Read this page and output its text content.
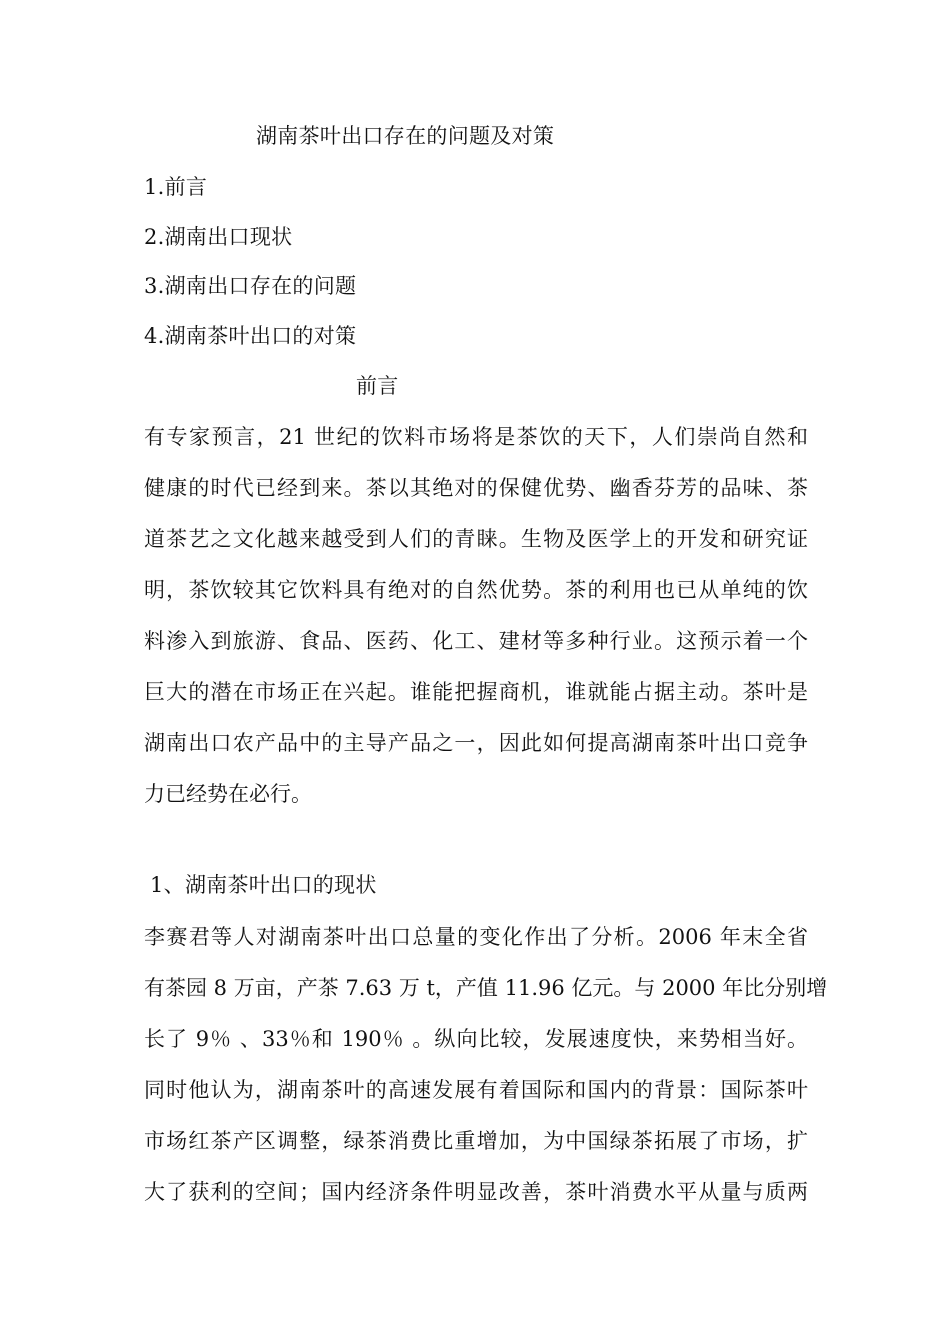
湖南茶叶出口存在的问题及对策
1.前言
2.湖南出口现状
3.湖南出口存在的问题
4.湖南茶叶出口的对策
前言
有专家预言，21 世纪的饮料市场将是茶饮的天下，人们崇尚自然和
健康的时代已经到来。茶以其绝对的保健优势、幽香芬芳的品味、茶
道茶艺之文化越来越受到人们的青睐。生物及医学上的开发和研究证
明，茶饮较其它饮料具有绝对的自然优势。茶的利用也已从单纯的饮
料渗入到旅游、食品、医药、化工、建材等多种行业。这预示着一个
巨大的潜在市场正在兴起。谁能把握商机，谁就能占据主动。茶叶是
湖南出口农产品中的主导产品之一，因此如何提高湖南茶叶出口竞争
力已经势在必行。
1、湖南茶叶出口的现状
李赛君等人对湖南茶叶出口总量的变化作出了分析。2006 年末全省
有茶园 8 万亩，产茶 7.63 万 t，产值 11.96 亿元。与 2000 年比分别增
长了 9％ 、33％和 190％ 。纵向比较，发展速度快，来势相当好。
同时他认为，湖南茶叶的高速发展有着国际和国内的背景：国际茶叶
市场红茶产区调整，绿茶消费比重增加，为中国绿茶拓展了市场，扩
大了获利的空间；国内经济条件明显改善，茶叶消费水平从量与质两
